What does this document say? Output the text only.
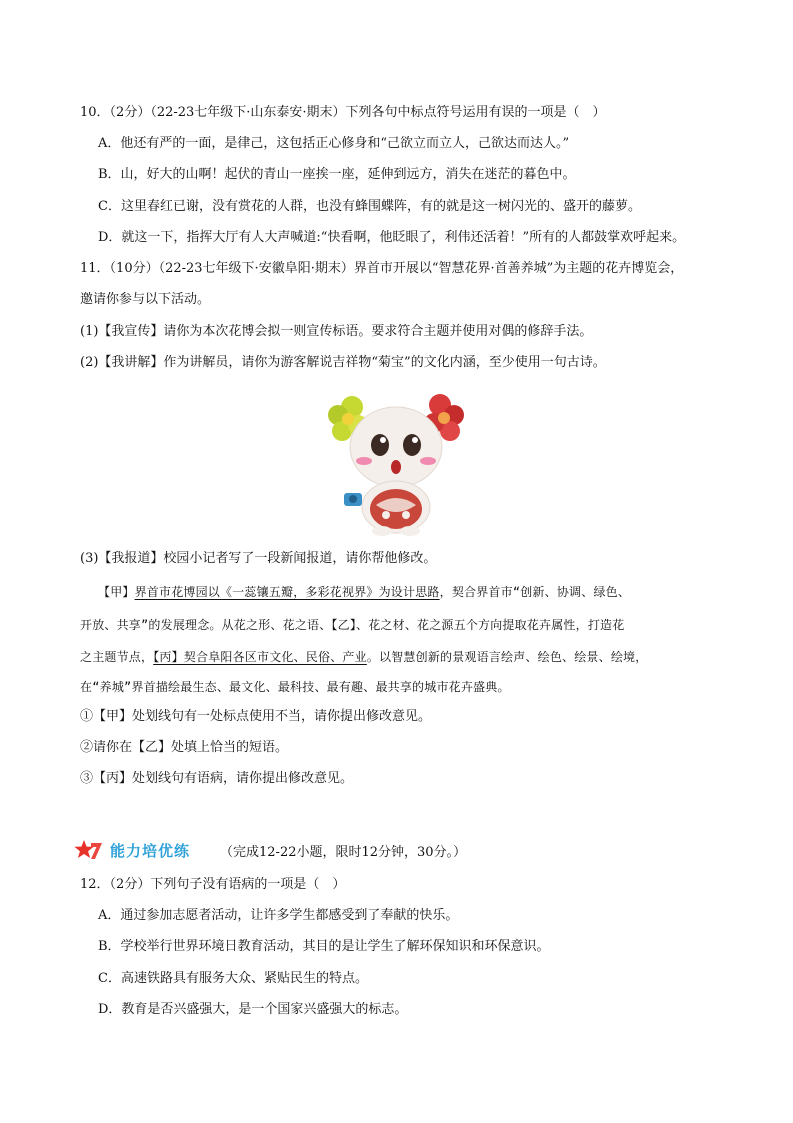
10．（2分）（22-23七年级下·山东泰安·期末）下列各句中标点符号运用有误的一项是（　）
A．他还有严的一面，是律己，这包括正心修身和“己欲立而立人，己欲达而达人。”
B．山，好大的山啊！起伏的青山一座挨一座，延伸到远方，消失在迷茫的暮色中。
C．这里春红已谢，没有赏花的人群，也没有蜂围蝶阵，有的就是这一树闪光的、盛开的藤萝。
D．就这一下，指挥大厅有人大声喊道:“快看啊，他眨眼了，利伟还活着！”所有的人都鼓掌欢呼起来。
11．（10分）（22-23七年级下·安徽阜阳·期末）界首市开展以“智慧花界·首善养城”为主题的花卉博览会，
邀请你参与以下活动。
(1)【我宣传】请你为本次花博会拟一则宣传标语。要求符合主题并使用对偶的修辞手法。
(2)【我讲解】作为讲解员，请你为游客解说吉祥物“菊宝”的文化内涵，至少使用一句古诗。
(3)【我报道】校园小记者写了一段新闻报道，请你帮他修改。
【甲】界首市花博园以《一蕊镶五瓣，多彩花视界》为设计思路，契合界首市“创新、协调、绿色、
开放、共享”的发展理念。从花之形、花之语、【乙】、花之材、花之源五个方向提取花卉属性，打造花
之主题节点，【丙】契合阜阳各区市文化、民俗、产业。以智慧创新的景观语言绘声、绘色、绘景、绘境，
在“养城”界首描绘最生态、最文化、最科技、最有趣、最共享的城市花卉盛典。
①【甲】处划线句有一处标点使用不当，请你提出修改意见。
②请你在【乙】处填上恰当的短语。
③【丙】处划线句有语病，请你提出修改意见。
能力培优练 （完成12-22小题，限时12分钟，30分。）
12．（2分）下列句子没有语病的一项是（　）
A．通过参加志愿者活动，让许多学生都感受到了奉献的快乐。
B．学校举行世界环境日教育活动，其目的是让学生了解环保知识和环保意识。
C．高速铁路具有服务大众、紧贴民生的特点。
D．教育是否兴盛强大，是一个国家兴盛强大的标志。
